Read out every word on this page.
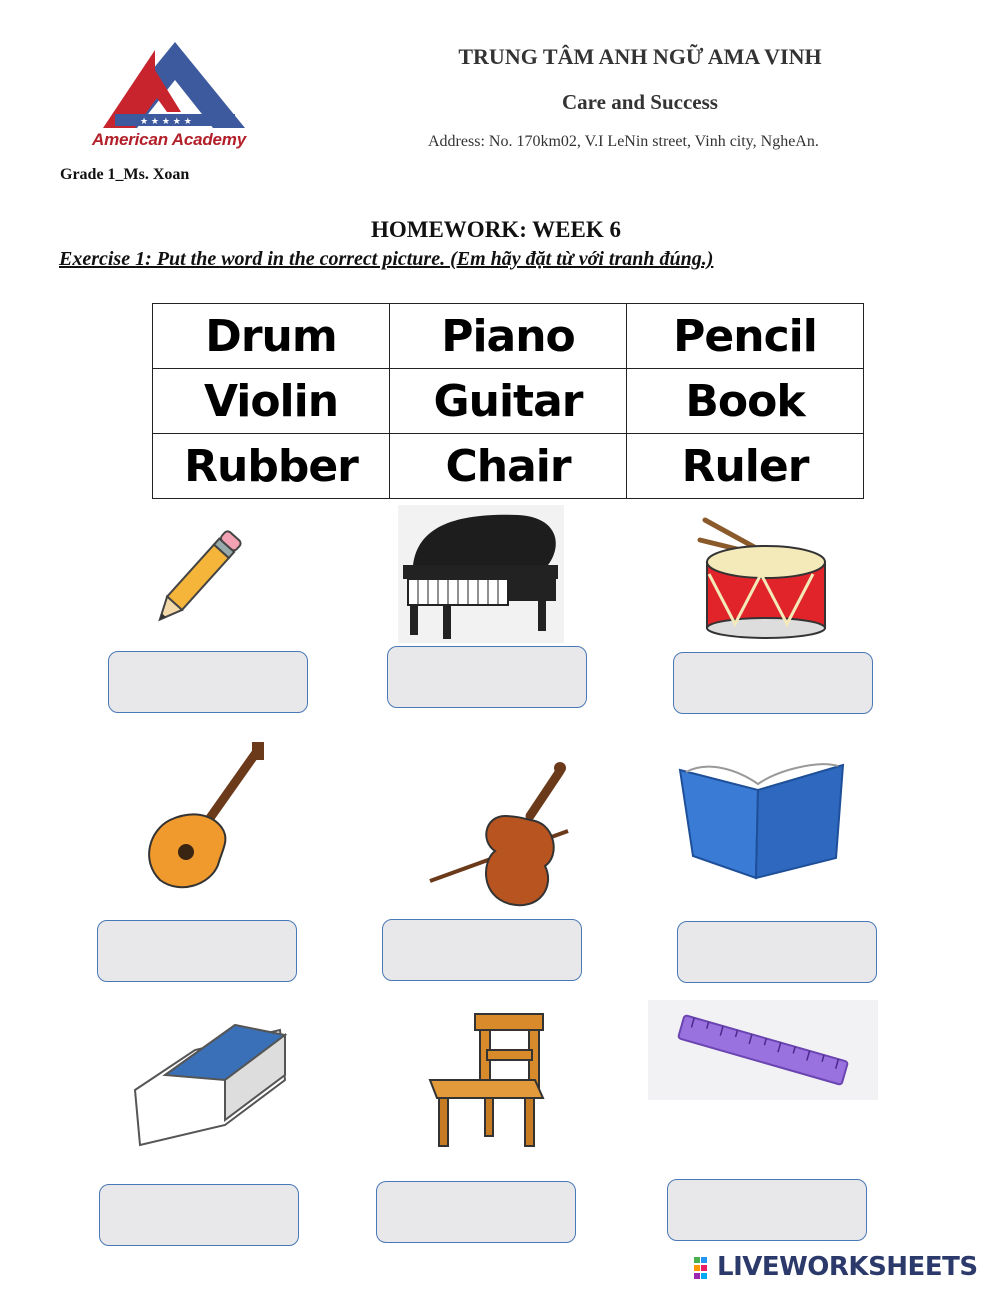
★ ★ ★ ★ ★
American Academy
TRUNG TÂM ANH NGỮ AMA VINH
Care and Success
Address: No. 170km02, V.I LeNin street, Vinh city, NgheAn.
Grade 1_Ms. Xoan
HOMEWORK: WEEK 6
Exercise 1: Put the word in the correct picture. (Em hãy đặt từ với tranh đúng.)
Drum	Piano	Pencil
Violin	Guitar	Book
Rubber	Chair	Ruler
LIVEWORKSHEETS
